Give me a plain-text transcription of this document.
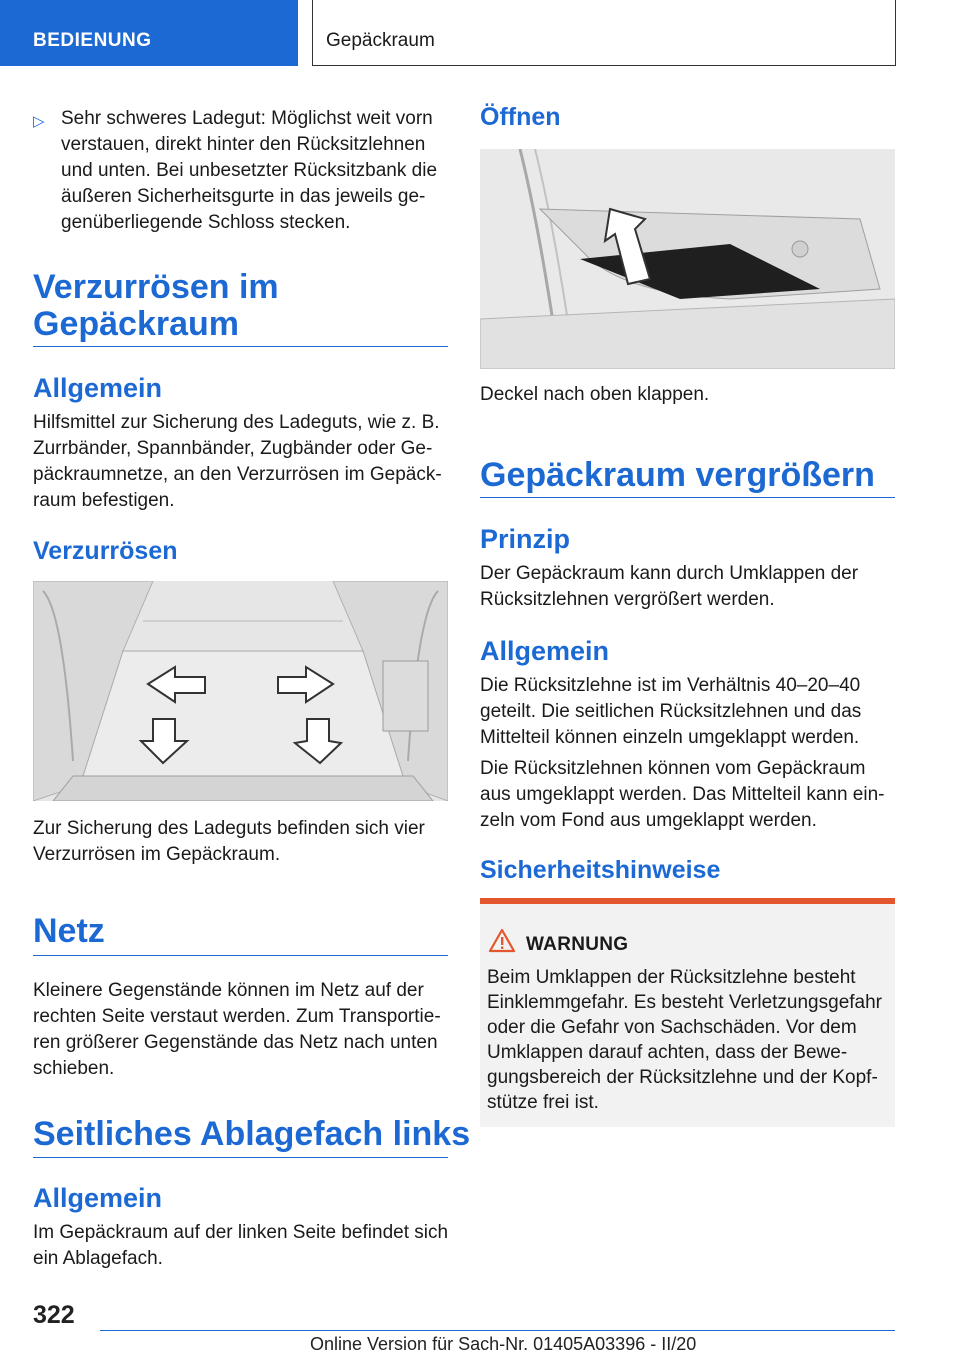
BEDIENUNG	Gepäckraum
▷ Sehr schweres Ladegut: Möglichst weit vorn verstauen, direkt hinter den Rücksitzlehnen und unten. Bei unbesetzter Rücksitzbank die äußeren Sicherheitsgurte in das jeweils gegenüberliegende Schloss stecken.
Verzurrösen im
Gepäckraum
Allgemein
Hilfsmittel zur Sicherung des Ladeguts, wie z. B. Zurrbänder, Spannbänder, Zugbänder oder Gepäckraumnetze, an den Verzurrösen im Gepäckraum befestigen.
Verzurrösen
Zur Sicherung des Ladeguts befinden sich vier Verzurrösen im Gepäckraum.
Netz
Kleinere Gegenstände können im Netz auf der rechten Seite verstaut werden. Zum Transportieren größerer Gegenstände das Netz nach unten schieben.
Seitliches Ablagefach links
Allgemein
Im Gepäckraum auf der linken Seite befindet sich ein Ablagefach.
Öffnen
Deckel nach oben klappen.
Gepäckraum vergrößern
Prinzip
Der Gepäckraum kann durch Umklappen der Rücksitzlehnen vergrößert werden.
Allgemein
Die Rücksitzlehne ist im Verhältnis 40–20–40 geteilt. Die seitlichen Rücksitzlehnen und das Mittelteil können einzeln umgeklappt werden.
Die Rücksitzlehnen können vom Gepäckraum aus umgeklappt werden. Das Mittelteil kann einzeln vom Fond aus umgeklappt werden.
Sicherheitshinweise
WARNUNG
Beim Umklappen der Rücksitzlehne besteht Einklemmgefahr. Es besteht Verletzungsgefahr oder die Gefahr von Sachschäden. Vor dem Umklappen darauf achten, dass der Bewegungsbereich der Rücksitzlehne und der Kopfstütze frei ist.
322
Online Version für Sach-Nr. 01405A03396 - II/20
